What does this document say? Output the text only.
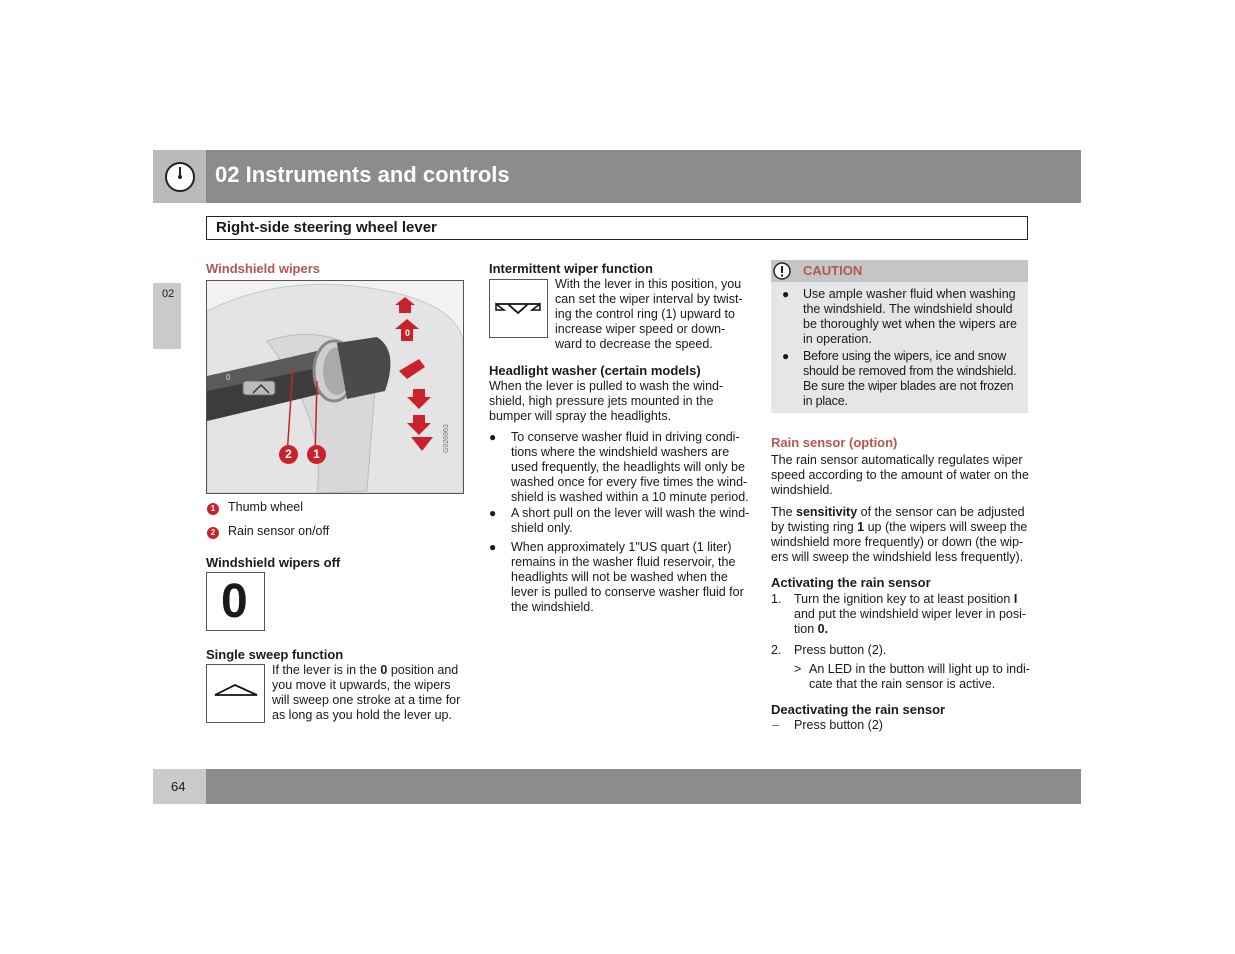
02 Instruments and controls
Right-side steering wheel lever
02
Windshield wipers
0
0
2	1
G026963
1	Thumb wheel
2	Rain sensor on/off
Windshield wipers off
0
Single sweep function
If the lever is in the 0 position and
you move it upwards, the wipers
will sweep one stroke at a time for
as long as you hold the lever up.
Intermittent wiper function
With the lever in this position, you
can set the wiper interval by twist-
ing the control ring (1) upward to
increase wiper speed or down-
ward to decrease the speed.
Headlight washer (certain models)
When the lever is pulled to wash the wind-
shield, high pressure jets mounted in the
bumper will spray the headlights.
● To conserve washer fluid in driving condi-
tions where the windshield washers are
used frequently, the headlights will only be
washed once for every five times the wind-
shield is washed within a 10 minute period.
● A short pull on the lever will wash the wind-
shield only.
● When approximately 1"US quart (1 liter)
remains in the washer fluid reservoir, the
headlights will not be washed when the
lever is pulled to conserve washer fluid for
the windshield.
CAUTION
● Use ample washer fluid when washing
the windshield. The windshield should
be thoroughly wet when the wipers are
in operation.
● Before using the wipers, ice and snow
should be removed from the windshield.
Be sure the wiper blades are not frozen
in place.
Rain sensor (option)
The rain sensor automatically regulates wiper
speed according to the amount of water on the
windshield.
The sensitivity of the sensor can be adjusted
by twisting ring 1 up (the wipers will sweep the
windshield more frequently) or down (the wip-
ers will sweep the windshield less frequently).
Activating the rain sensor
1. Turn the ignition key to at least position I
and put the windshield wiper lever in posi-
tion 0.
2. Press button (2).
> An LED in the button will light up to indi-
cate that the rain sensor is active.
Deactivating the rain sensor
– Press button (2)
64
